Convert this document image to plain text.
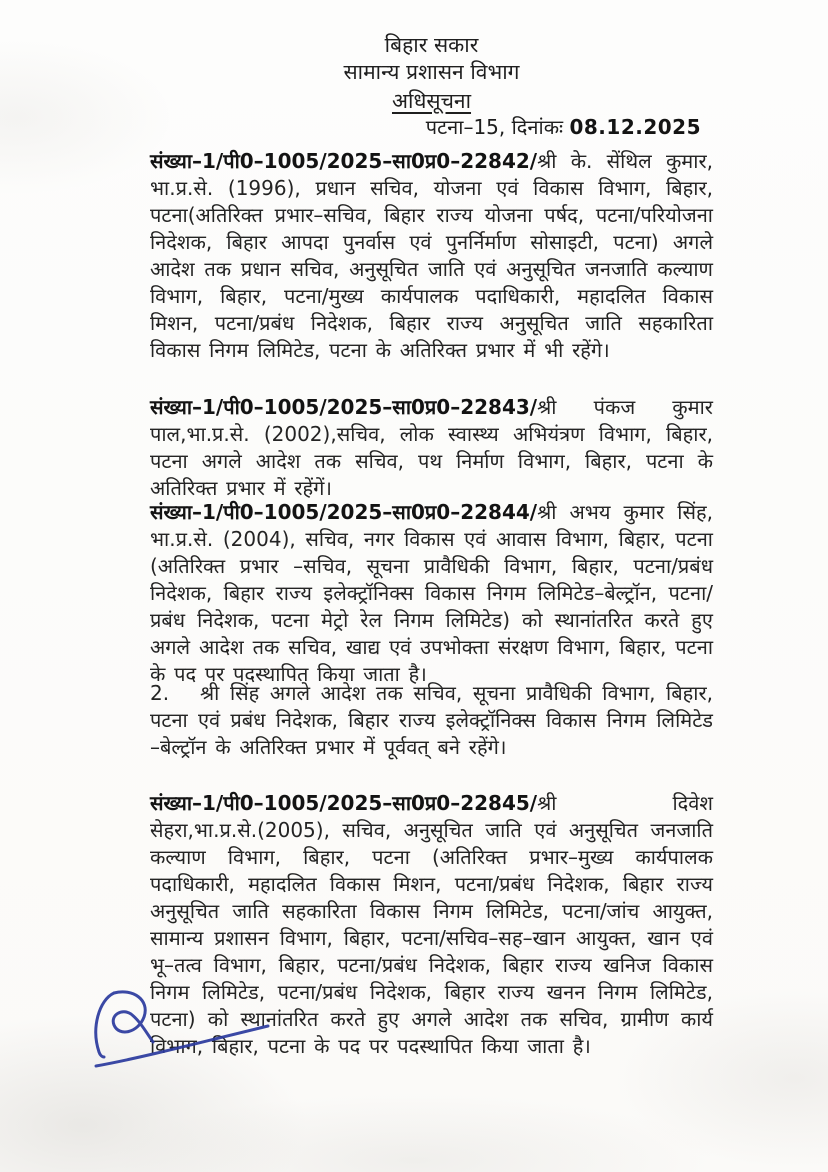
बिहार सकार
सामान्य प्रशासन विभाग
अधिसूचना
पटना–15, दिनांकः 08.12.2025

संख्या–1/पी0–1005/2025–सा0प्र0–22842/श्री के. सेंथिल कुमार, भा.प्र.से. (1996), प्रधान सचिव, योजना एवं विकास विभाग, बिहार, पटना(अतिरिक्त प्रभार–सचिव, बिहार राज्य योजना पर्षद, पटना/परियोजना निदेशक, बिहार आपदा पुनर्वास एवं पुनर्निर्माण सोसाइटी, पटना) अगले आदेश तक प्रधान सचिव, अनुसूचित जाति एवं अनुसूचित जनजाति कल्याण विभाग, बिहार, पटना/मुख्य कार्यपालक पदाधिकारी, महादलित विकास मिशन, पटना/प्रबंध निदेशक, बिहार राज्य अनुसूचित जाति सहकारिता विकास निगम लिमिटेड, पटना के अतिरिक्त प्रभार में भी रहेंगे।

संख्या–1/पी0–1005/2025–सा0प्र0–22843/श्री पंकज कुमार पाल,भा.प्र.से. (2002),सचिव, लोक स्वास्थ्य अभियंत्रण विभाग, बिहार, पटना अगले आदेश तक सचिव, पथ निर्माण विभाग, बिहार, पटना के अतिरिक्त प्रभार में रहेंगें।

संख्या–1/पी0–1005/2025–सा0प्र0–22844/श्री अभय कुमार सिंह, भा.प्र.से. (2004), सचिव, नगर विकास एवं आवास विभाग, बिहार, पटना (अतिरिक्त प्रभार –सचिव, सूचना प्रावैधिकी विभाग, बिहार, पटना/प्रबंध निदेशक, बिहार राज्य इलेक्ट्रॉनिक्स विकास निगम लिमिटेड–बेल्ट्रॉन, पटना/प्रबंध निदेशक, पटना मेट्रो रेल निगम लिमिटेड) को स्थानांतरित करते हुए अगले आदेश तक सचिव, खाद्य एवं उपभोक्ता संरक्षण विभाग, बिहार, पटना के पद पर पदस्थापित किया जाता है।

2. श्री सिंह अगले आदेश तक सचिव, सूचना प्रावैधिकी विभाग, बिहार, पटना एवं प्रबंध निदेशक, बिहार राज्य इलेक्ट्रॉनिक्स विकास निगम लिमिटेड –बेल्ट्रॉन के अतिरिक्त प्रभार में पूर्ववत् बने रहेंगे।

संख्या–1/पी0–1005/2025–सा0प्र0–22845/श्री दिवेश सेहरा,भा.प्र.से.(2005), सचिव, अनुसूचित जाति एवं अनुसूचित जनजाति कल्याण विभाग, बिहार, पटना (अतिरिक्त प्रभार–मुख्य कार्यपालक पदाधिकारी, महादलित विकास मिशन, पटना/प्रबंध निदेशक, बिहार राज्य अनुसूचित जाति सहकारिता विकास निगम लिमिटेड, पटना/जांच आयुक्त, सामान्य प्रशासन विभाग, बिहार, पटना/सचिव–सह–खान आयुक्त, खान एवं भू–तत्व विभाग, बिहार, पटना/प्रबंध निदेशक, बिहार राज्य खनिज विकास निगम लिमिटेड, पटना/प्रबंध निदेशक, बिहार राज्य खनन निगम लिमिटेड, पटना) को स्थानांतरित करते हुए अगले आदेश तक सचिव, ग्रामीण कार्य विभाग, बिहार, पटना के पद पर पदस्थापित किया जाता है।
